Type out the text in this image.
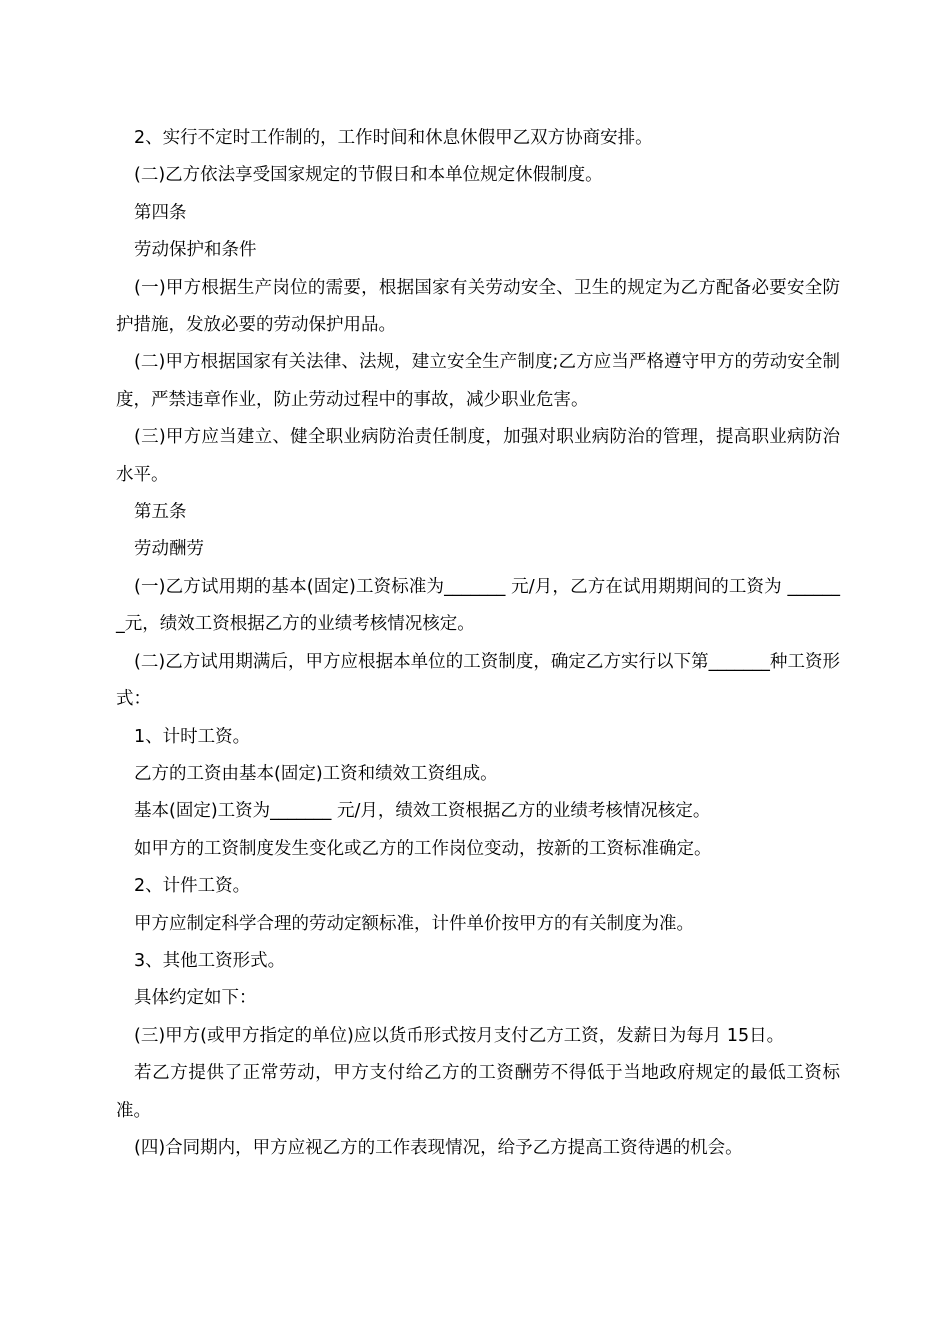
2、实行不定时工作制的，工作时间和休息休假甲乙双方协商安排。

(二)乙方依法享受国家规定的节假日和本单位规定休假制度。

第四条

劳动保护和条件

(一)甲方根据生产岗位的需要，根据国家有关劳动安全、卫生的规定为乙方配备必要安全防护措施，发放必要的劳动保护用品。

(二)甲方根据国家有关法律、法规，建立安全生产制度;乙方应当严格遵守甲方的劳动安全制度，严禁违章作业，防止劳动过程中的事故，减少职业危害。

(三)甲方应当建立、健全职业病防治责任制度，加强对职业病防治的管理，提高职业病防治水平。

第五条

劳动酬劳

(一)乙方试用期的基本(固定)工资标准为_______ 元/月，乙方在试用期期间的工资为 _______元，绩效工资根据乙方的业绩考核情况核定。

(二)乙方试用期满后，甲方应根据本单位的工资制度，确定乙方实行以下第_______种工资形式：

1、计时工资。

乙方的工资由基本(固定)工资和绩效工资组成。

基本(固定)工资为_______ 元/月，绩效工资根据乙方的业绩考核情况核定。

如甲方的工资制度发生变化或乙方的工作岗位变动，按新的工资标准确定。

2、计件工资。

甲方应制定科学合理的劳动定额标准，计件单价按甲方的有关制度为准。

3、其他工资形式。

具体约定如下：

(三)甲方(或甲方指定的单位)应以货币形式按月支付乙方工资，发薪日为每月 15日。

若乙方提供了正常劳动，甲方支付给乙方的工资酬劳不得低于当地政府规定的最低工资标准。

(四)合同期内，甲方应视乙方的工作表现情况，给予乙方提高工资待遇的机会。
